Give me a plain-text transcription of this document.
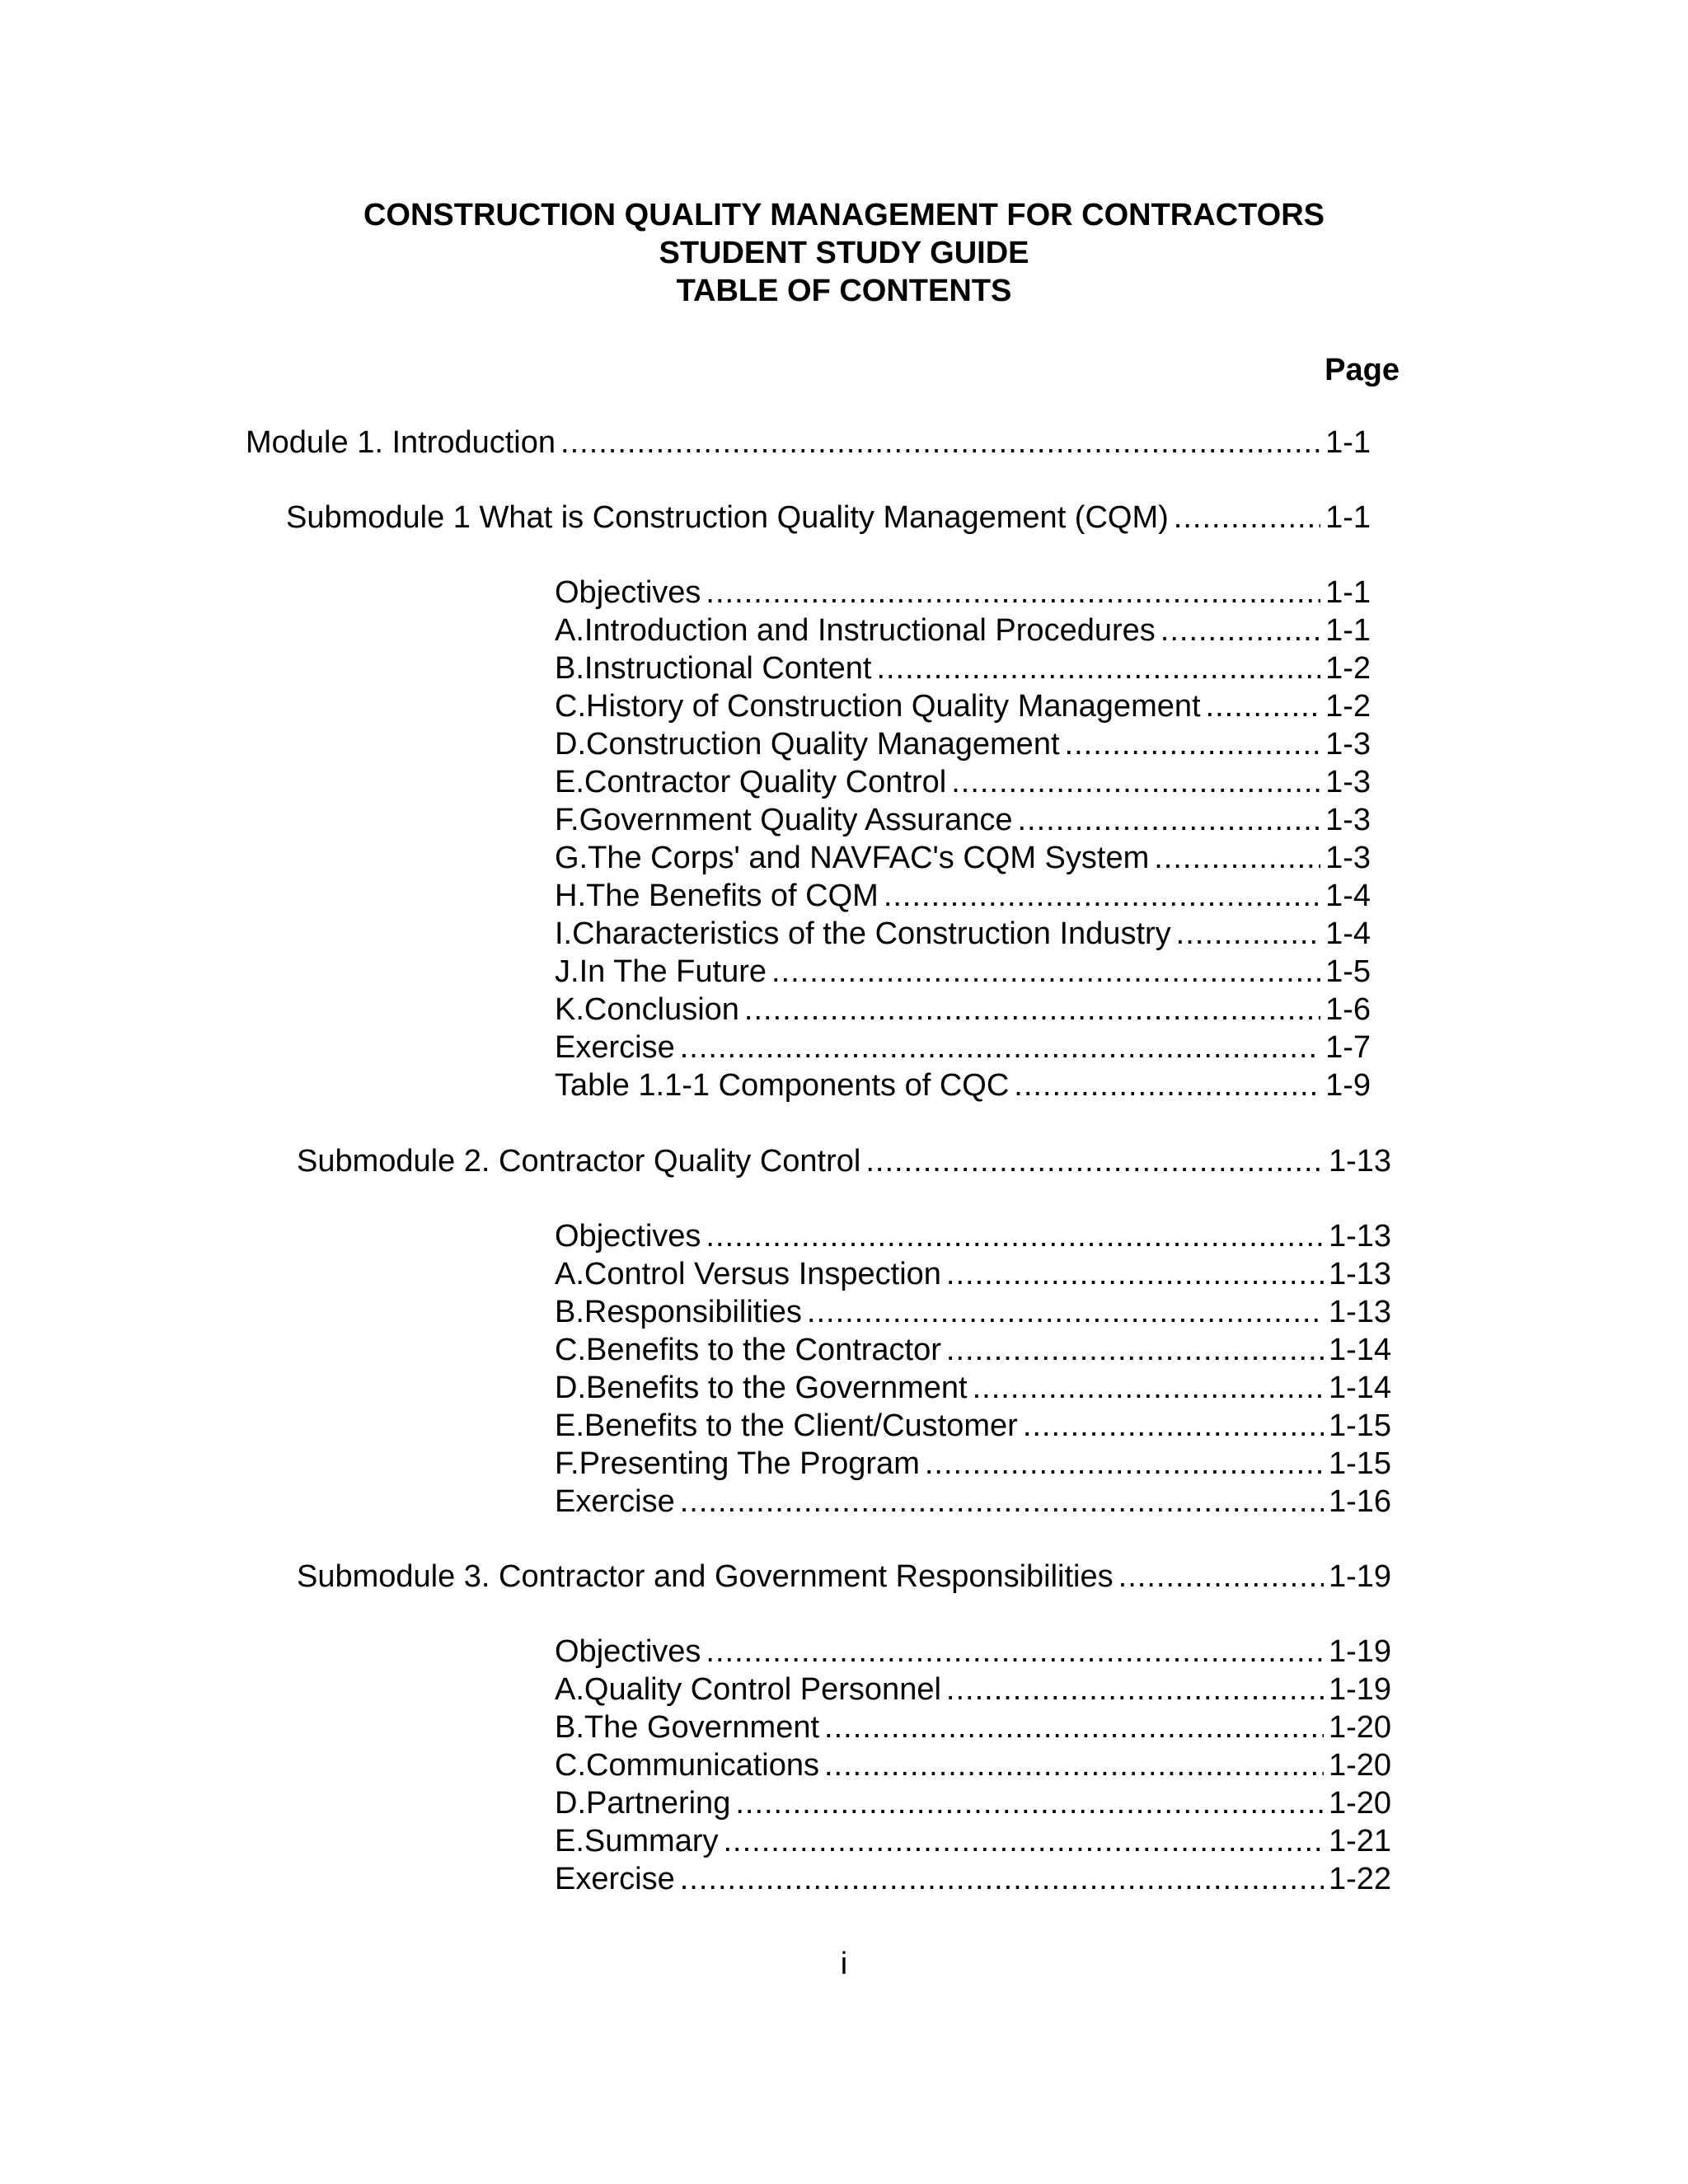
CONSTRUCTION QUALITY MANAGEMENT FOR CONTRACTORS
STUDENT STUDY GUIDE
TABLE OF CONTENTS
Page
Module 1. Introduction .....	1-1
Submodule 1 What is Construction Quality Management (CQM) .....	1-1
Objectives .....	1-1
A. Introduction and Instructional Procedures .....	1-1
B. Instructional Content .....	1-2
C. History of Construction Quality Management .....	1-2
D. Construction Quality Management .....	1-3
E. Contractor Quality Control .....	1-3
F. Government Quality Assurance .....	1-3
G. The Corps' and NAVFAC's CQM System .....	1-3
H. The Benefits of CQM .....	1-4
I. Characteristics of the Construction Industry .....	1-4
J. In The Future .....	1-5
K. Conclusion .....	1-6
Exercise .....	1-7
Table 1.1-1 Components of CQC .....	1-9
Submodule 2. Contractor Quality Control .....	1-13
Objectives .....	1-13
A. Control Versus Inspection .....	1-13
B. Responsibilities .....	1-13
C. Benefits to the Contractor .....	1-14
D. Benefits to the Government .....	1-14
E. Benefits to the Client/Customer .....	1-15
F. Presenting The Program .....	1-15
Exercise .....	1-16
Submodule 3. Contractor and Government Responsibilities .....	1-19
Objectives .....	1-19
A. Quality Control Personnel .....	1-19
B. The Government .....	1-20
C. Communications .....	1-20
D. Partnering .....	1-20
E. Summary .....	1-21
Exercise .....	1-22
i
